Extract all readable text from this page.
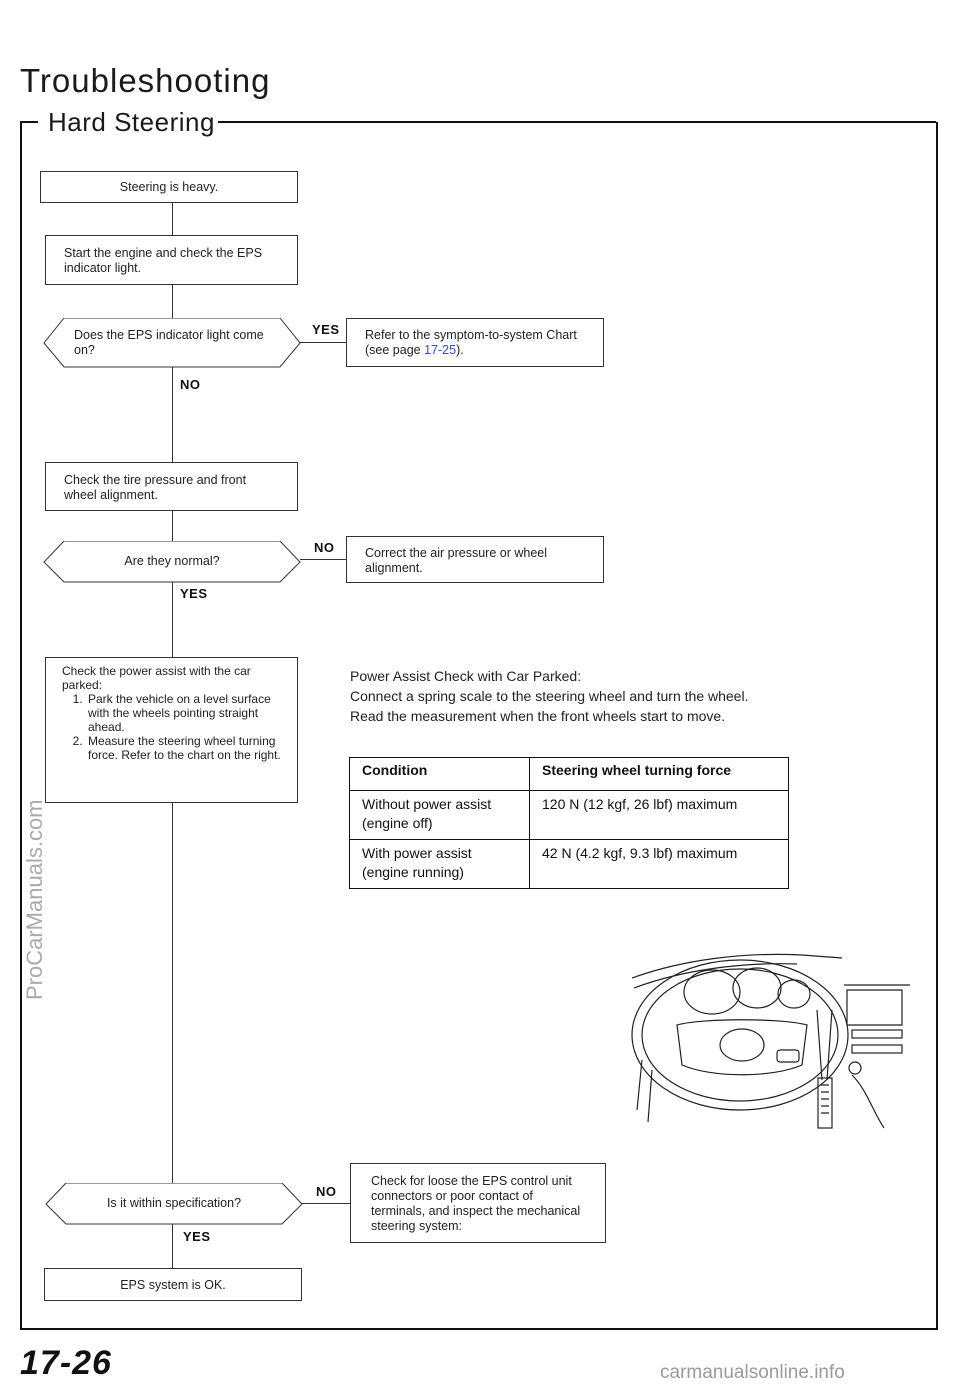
Troubleshooting
Hard Steering
Steering is heavy.
Start the engine and check the EPS indicator light.
Does the EPS indicator light come on?
YES	Refer to the symptom-to-system Chart (see page 17-25).
NO
Check the tire pressure and front wheel alignment.
Are they normal?
NO	Correct the air pressure or wheel alignment.
YES
Check the power assist with the car parked:
1. Park the vehicle on a level surface with the wheels pointing straight ahead.
2. Measure the steering wheel turning force. Refer to the chart on the right.

Power Assist Check with Car Parked:

Connect a spring scale to the steering wheel and turn the wheel. Read the measurement when the front wheels start to move.

Condition	Steering wheel turning force
Without power assist (engine off)	120 N (12 kgf, 26 lbf) maximum
With power assist (engine running)	42 N (4.2 kgf, 9.3 lbf) maximum
Is it within specification?
NO
Check for loose the EPS control unit connectors or poor contact of terminals, and inspect the mechanical steering system:
YES
EPS system is OK.
17-26	carmanualsonline.info
ProCarManuals.com
